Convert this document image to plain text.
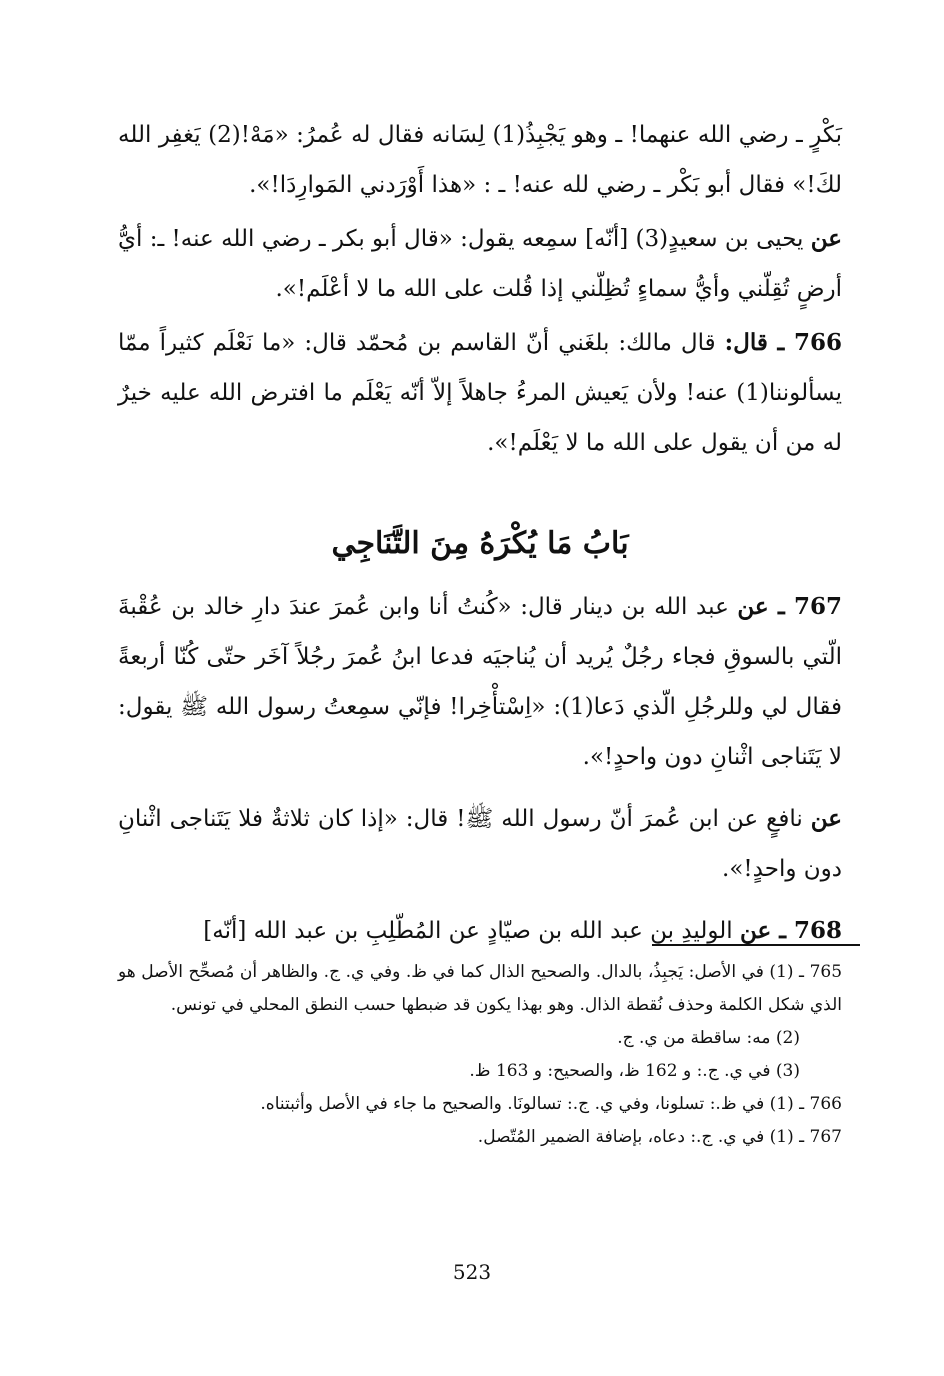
بَكْرٍ ـ رضي الله عنهما! ـ وهو يَجْبِذُ(1) لِسَانه فقال له عُمرُ: «مَهْ!(2) يَغفِر الله لكَ!» فقال أبو بَكْر ـ رضي لله عنه! ـ : «هذا أَوْرَدني المَوارِدَا!».

عن يحيى بن سعيدٍ(3) [أنّه] سمِعه يقول: «قال أبو بكر ـ رضي الله عنه! ـ: أيُّ أرضٍ تُقِلّني وأيُّ سماءٍ تُظِلّني إذا قُلت على الله ما لا أعْلَم!».

766 ـ قال: قال مالك: بلغَني أنّ القاسم بن مُحمّد قال: «ما نَعْلَم كثيراً ممّا يسألوننا(1) عنه! ولأن يَعيش المرءُ جاهلاً إلاّ أنّه يَعْلَم ما افترض الله عليه خيرٌ له من أن يقول على الله ما لا يَعْلَم!».

بَابُ مَا يُكْرَهُ مِنَ التَّنَاجِي

767 ـ عن عبد الله بن دينار قال: «كُنتُ أنا وابن عُمرَ عندَ دارِ خالد بن عُقْبةَ الّتي بالسوقِ فجاء رجُلٌ يُريد أن يُناجيَه فدعا ابنُ عُمرَ رجُلاً آخَر حتّى كُنّا أربعةً فقال لي وللرجُلِ الّذي دَعا(1): «اِسْتأْخِرا! فإنّي سمِعتُ رسول الله ﷺ يقول: لا يَتَناجى اثْنانِ دون واحدٍ!».

عن نافعٍ عن ابن عُمرَ أنّ رسول الله ﷺ! قال: «إذا كان ثلاثةٌ فلا يَتَناجى اثْنانِ دون واحدٍ!».

768 ـ عن الوليدِ بن عبد الله بن صيّادٍ عن المُطّلِبِ بن عبد الله [أنّه]

765 ـ (1) في الأصل: يَجبِذُ، بالدال. والصحيح الذال كما في ظ. وفي ي. ج. والظاهر أن مُصحِّح الأصل هو الذي شكل الكلمة وحذف نُقطة الذال. وهو بهذا يكون قد ضبطها حسب النطق المحلي في تونس.

(2) مه: ساقطة من ي. ج.

(3) في ي. ج.: و 162 ظ، والصحيح: و 163 ظ.

766 ـ (1) في ظ.: تسلونا، وفي ي. ج.: تسالونَا. والصحيح ما جاء في الأصل وأثبتناه.

767 ـ (1) في ي. ج.: دعاه، بإضافة الضمير المُتّصل.

523
